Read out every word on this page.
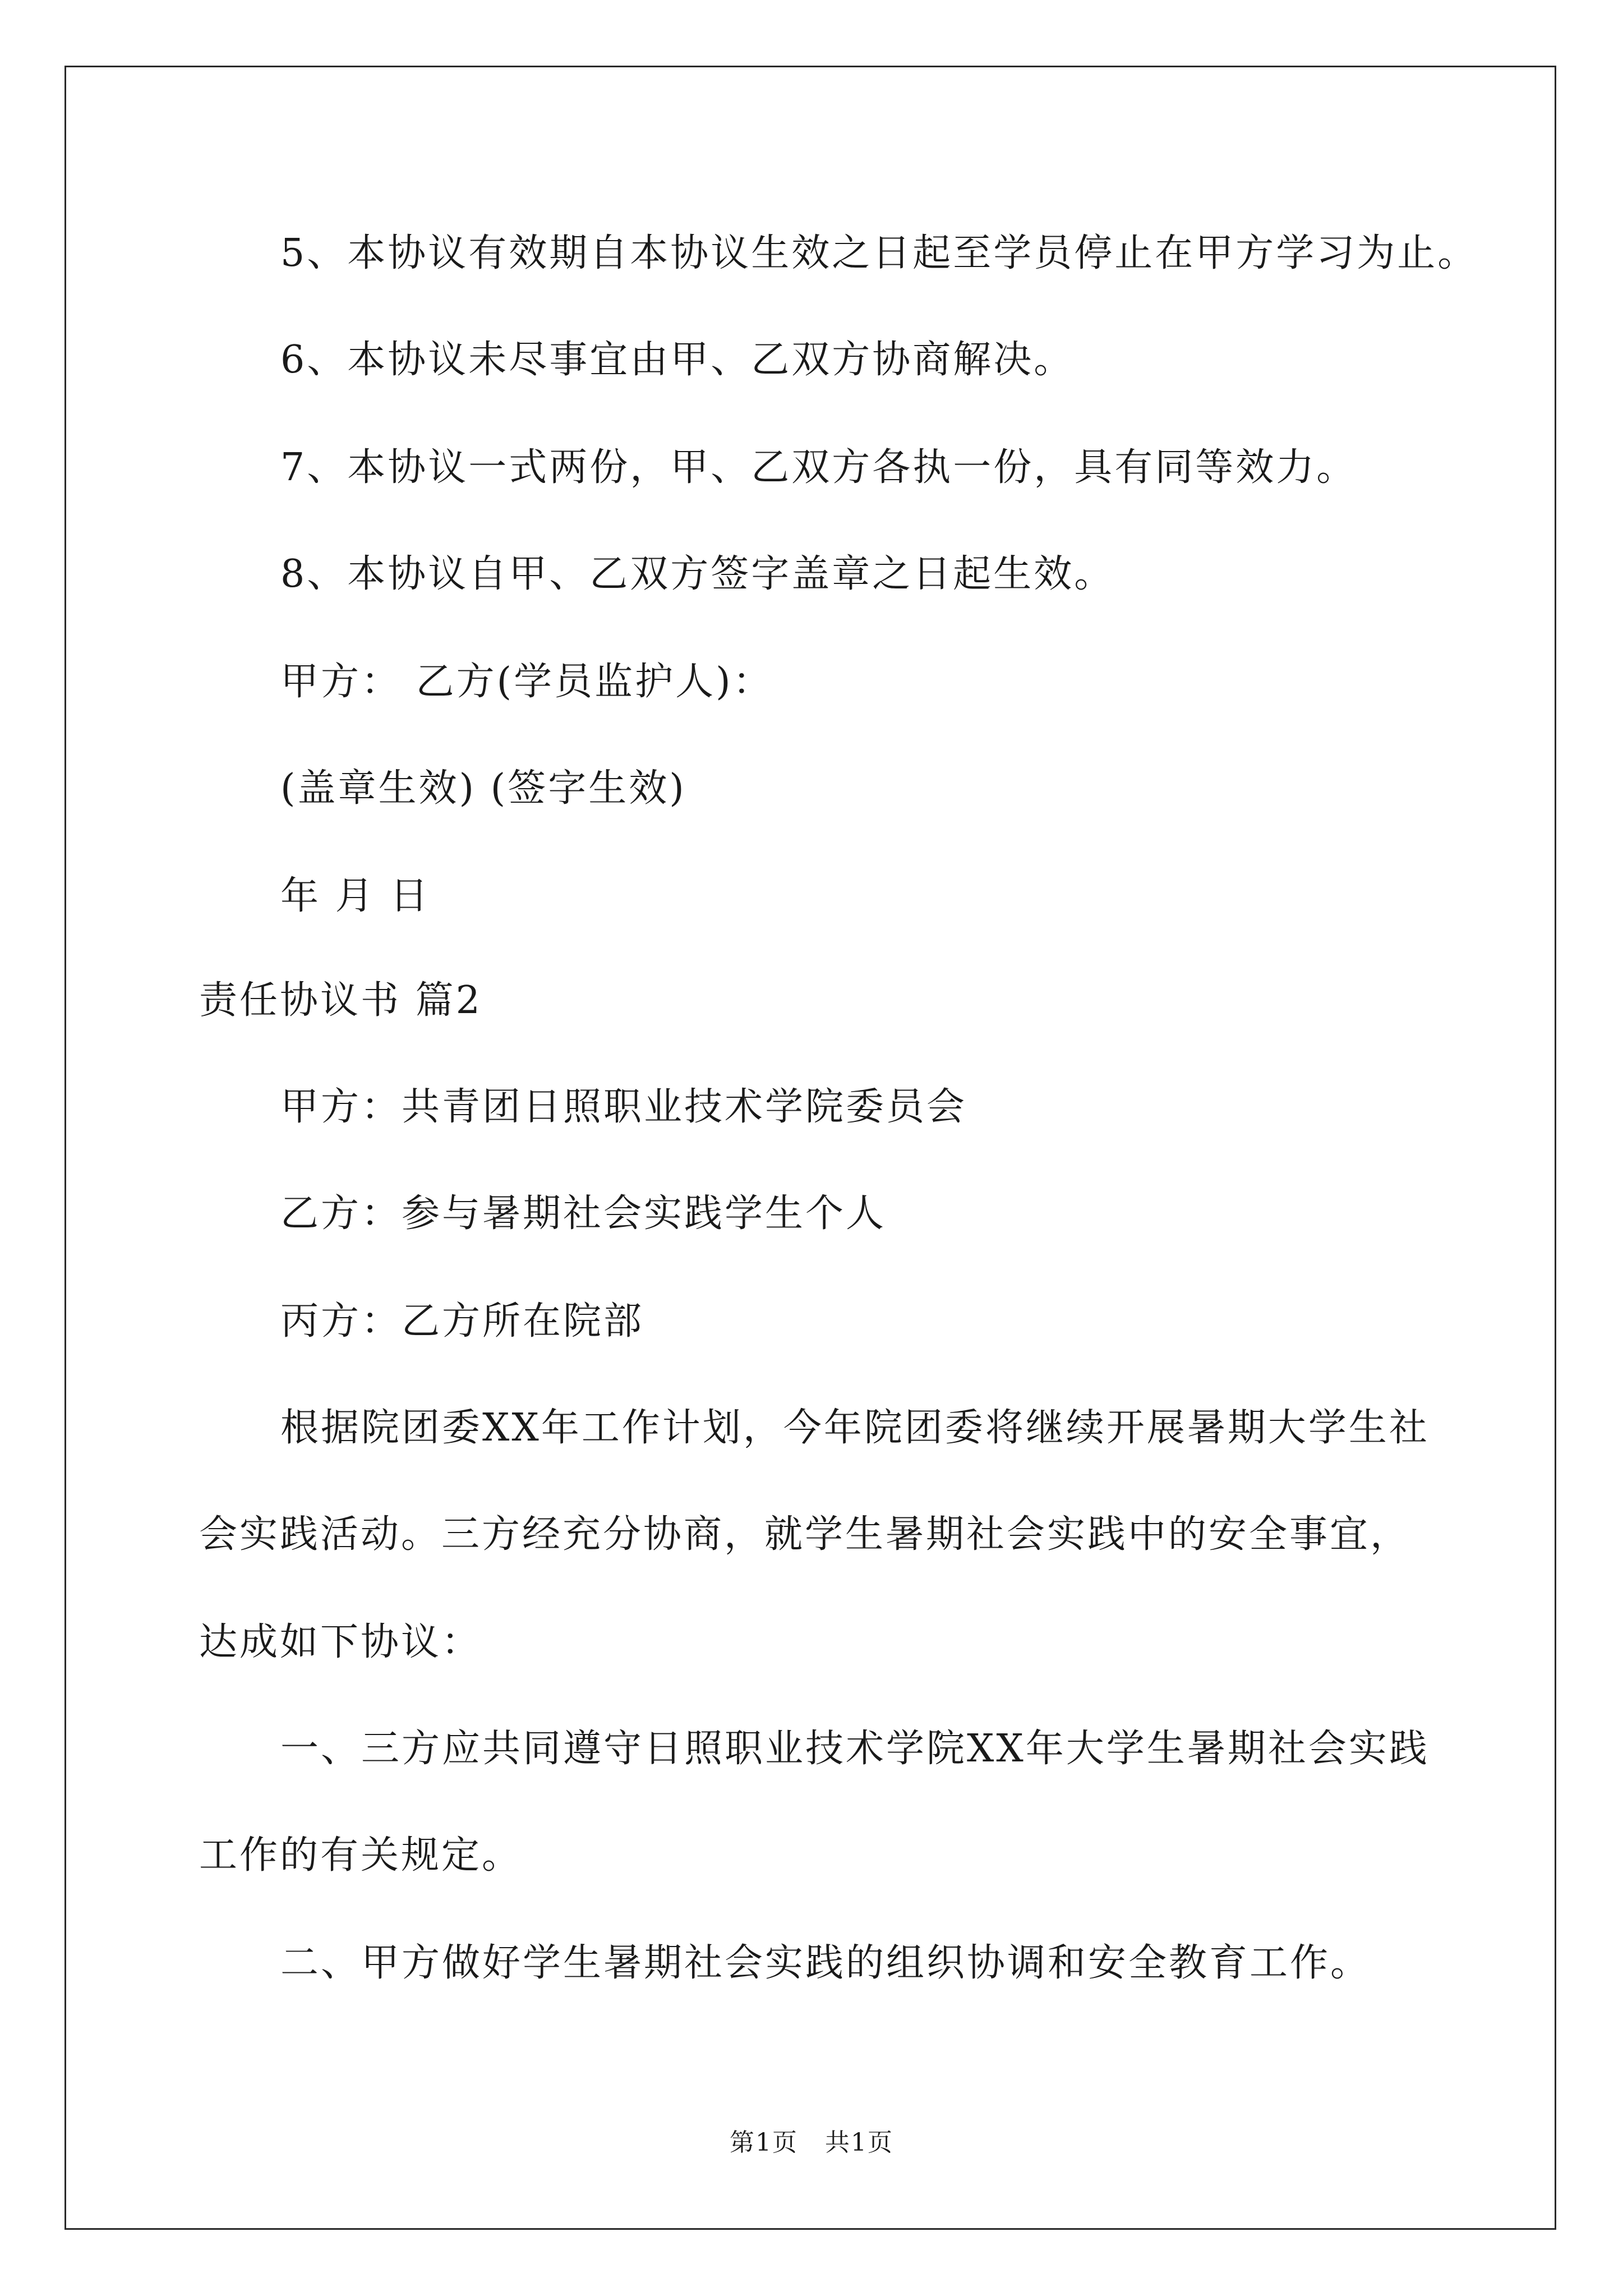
5、本协议有效期自本协议生效之日起至学员停止在甲方学习为止。
6、本协议未尽事宜由甲、乙双方协商解决。
7、本协议一式两份，甲、乙双方各执一份，具有同等效力。
8、本协议自甲、乙双方签字盖章之日起生效。
甲方： 乙方(学员监护人)：
(盖章生效) (签字生效)
年 月 日
责任协议书 篇2
甲方：共青团日照职业技术学院委员会
乙方：参与暑期社会实践学生个人
丙方：乙方所在院部
根据院团委XX年工作计划，今年院团委将继续开展暑期大学生社
会实践活动。三方经充分协商，就学生暑期社会实践中的安全事宜，
达成如下协议：
一、三方应共同遵守日照职业技术学院XX年大学生暑期社会实践
工作的有关规定。
二、甲方做好学生暑期社会实践的组织协调和安全教育工作。
第1页 共1页
